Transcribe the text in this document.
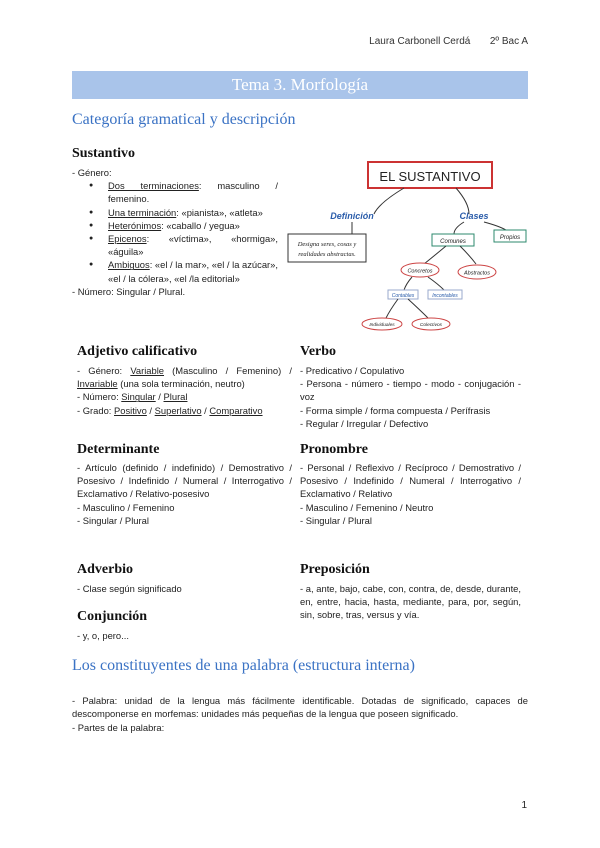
Laura Carbonell Cerdá 2º Bac A
Tema 3. Morfología
Categoría gramatical y descripción
Sustantivo
- Género:
● Dos terminaciones: masculino / femenino.
● Una terminación: «pianista», «atleta»
● Heterónimos: «caballo / yegua»
● Epicenos: «víctima», «hormiga», «águila»
● Ambiguos: «el / la mar», «el / la azúcar», «el / la cólera», «el /la editorial»
- Número: Singular / Plural.
EL SUSTANTIVO
Definición	Clases
Designa seres, cosas y
realidades abstractas.
Comunes
Propios
Concretos	Abstractos
Contables	Incontables
Individuales	Colectivos
Adjetivo calificativo
- Género: Variable (Masculino / Femenino) / Invariable (una sola terminación, neutro)
- Número: Singular / Plural
- Grado: Positivo / Superlativo / Comparativo
Verbo
- Predicativo / Copulativo
- Persona - número - tiempo - modo - conjugación - voz
- Forma simple / forma compuesta / Perífrasis
- Regular / Irregular / Defectivo
Determinante
- Artículo (definido / indefinido) / Demostrativo / Posesivo / Indefinido / Numeral / Interrogativo / Exclamativo / Relativo-posesivo
- Masculino / Femenino
- Singular / Plural
Pronombre
- Personal / Reflexivo / Recíproco / Demostrativo / Posesivo / Indefinido / Numeral / Interrogativo / Exclamativo / Relativo
- Masculino / Femenino / Neutro
- Singular / Plural
Adverbio
- Clase según significado
Conjunción
- y, o, pero...
Preposición
- a, ante, bajo, cabe, con, contra, de, desde, durante, en, entre, hacia, hasta, mediante, para, por, según, sin, sobre, tras, versus y vía.
Los constituyentes de una palabra (estructura interna)
- Palabra: unidad de la lengua más fácilmente identificable. Dotadas de significado, capaces de descomponerse en morfemas: unidades más pequeñas de la lengua que poseen significado.
- Partes de la palabra:
1
